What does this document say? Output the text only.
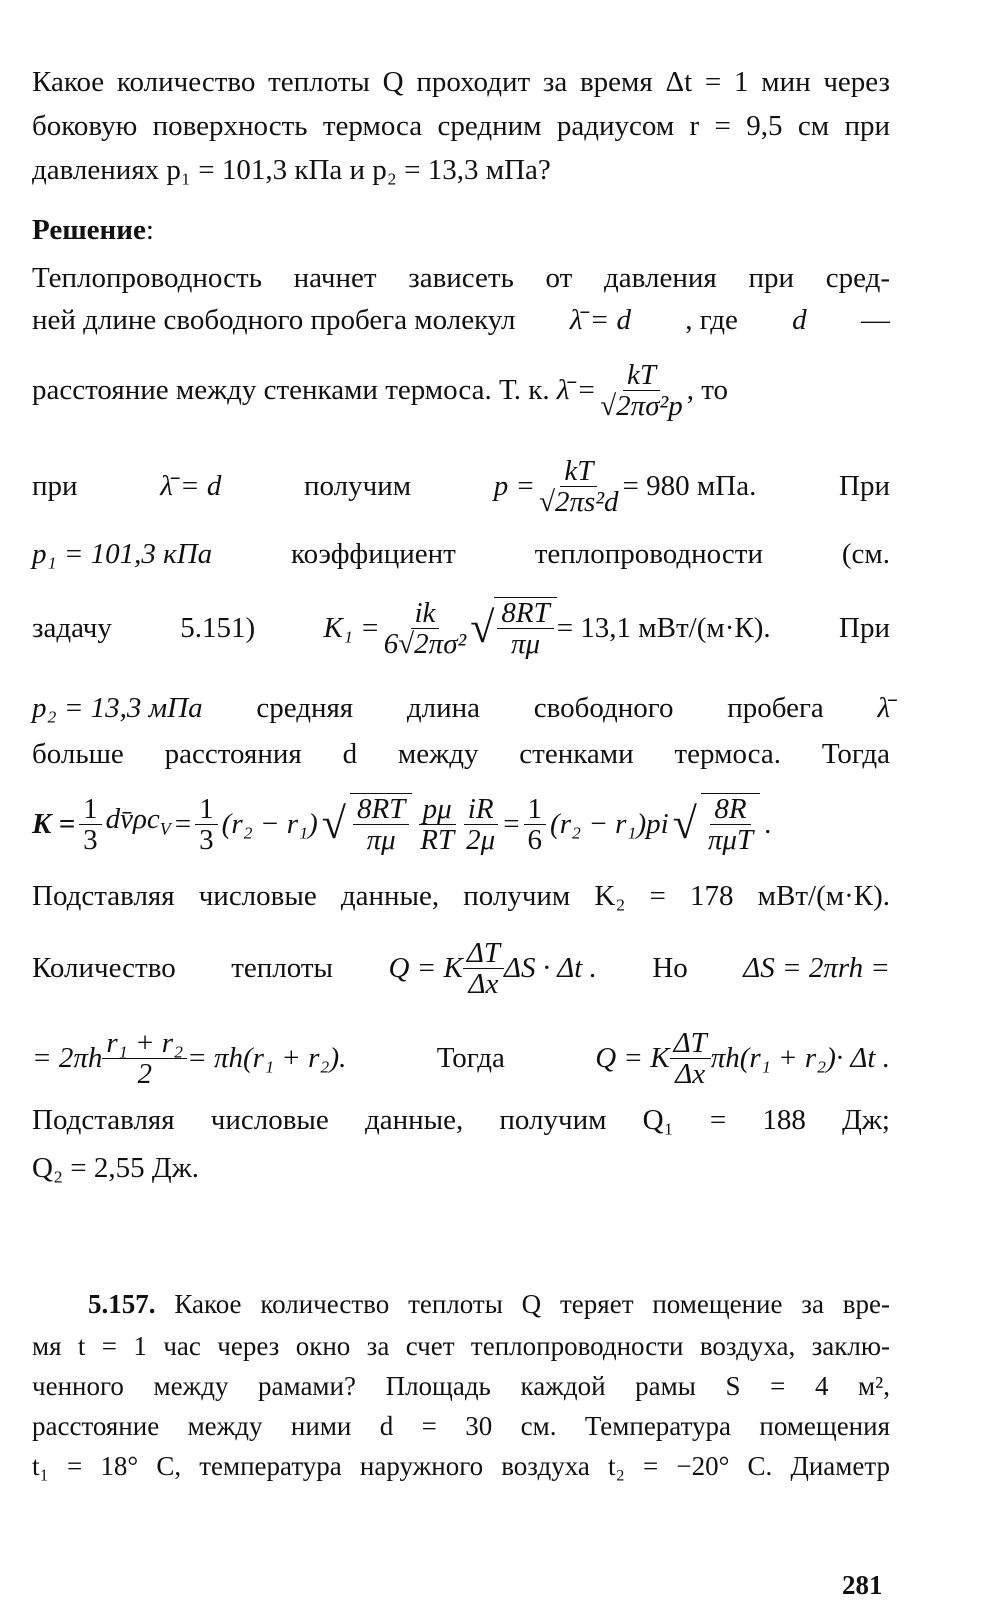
Какое количество теплоты Q проходит за время Δt = 1 мин через
боковую поверхность термоса средним радиусом r = 9,5 см при
давлениях p₁ = 101,3 кПа и p₂ = 13,3 мПа?
Решение:
Теплопроводность начнет зависеть от давления при сред-
ней длине свободного пробега молекул λ̄ = d , где d —
расстояние между стенками термоса. Т. к.
λ̄ = $\frac{kT}{\text{√2πσ²p}}$ , то
при	λ̄ = d	получим	$p = \frac{kT}{\text{√2πs²d}} = 980$ мПа.	При
p₁ = 101,3 кПа	коэффициент	теплопроводности	(см.
задачу 5.151) $K_1 = \frac{ik}{\text{6√2πσ²}}$ √ $\frac{8RT}{\pi\mu} = 13,1$ мВт/(м·К). При
p₂ = 13,3 мПа средняя длина свободного пробега λ̄
больше расстояния d между стенками термоса. Тогда
$K = \frac{1}{3}$ $dv̄\rho c_V = \frac{1}{3} (r_2 - r_1)$ √ $\frac{8RT}{\pi\mu} \frac{p\mu}{RT} \frac{iR}{2\mu} = \frac{1}{6} (r_2 - r_1)pi$ √ $\frac{8R}{\text{πμT}}$ .
Подставляя числовые данные, получим K₂ = 178 мВт/(м·К).
Количество теплоты Q = K $\frac{\Delta T}{\Delta x}$ ΔS · Δt . Но ΔS = 2πrh =
= $2\pi h \frac{\text{r₁ + r₂}}{2} = \pi h(r_1 + r_2)$.	Тогда	Q = K $\frac{\Delta T}{\Delta x} \pi h(r_1 + r_2)\cdot \Delta t$ .
Подставляя числовые данные, получим Q₁ = 188 Дж;
Q₂ = 2,55 Дж.
5.157. Какое количество теплоты Q теряет помещение за вре-
мя t = 1 час через окно за счет теплопроводности воздуха, заклю-
ченного между рамами? Площадь каждой рамы S = 4 м²,
расстояние между ними d = 30 см. Температура помещения
t₁ = 18° С, температура наружного воздуха t₂ = −20° С. Диаметр
281
